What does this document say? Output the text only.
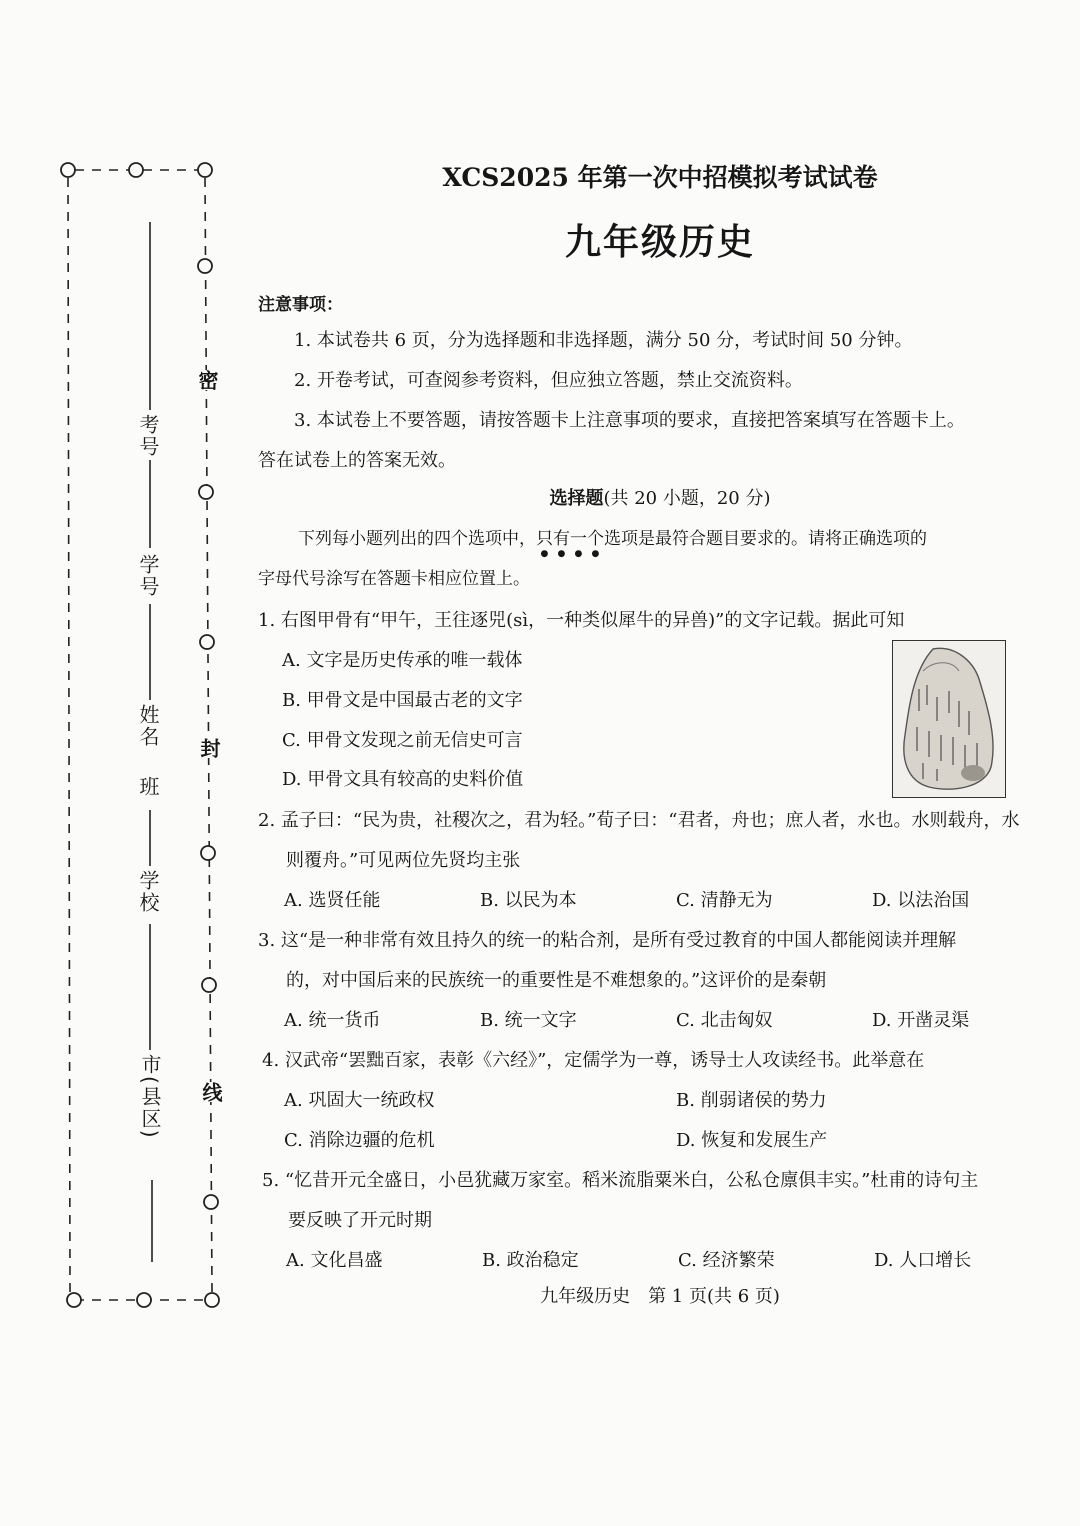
考号
学号
姓名
班
学校
市(县区)
密
封
线
XCS2025 年第一次中招模拟考试试卷
九年级历史
注意事项：
1. 本试卷共 6 页，分为选择题和非选择题，满分 50 分，考试时间 50 分钟。
2. 开卷考试，可查阅参考资料，但应独立答题，禁止交流资料。
3. 本试卷上不要答题，请按答题卡上注意事项的要求，直接把答案填写在答题卡上。
答在试卷上的答案无效。
选择题(共 20 小题，20 分)
下列每小题列出的四个选项中，只有一个选项是最符合题目要求的。请将正确选项的
字母代号涂写在答题卡相应位置上。
1. 右图甲骨有“甲午，王往逐兕(sì，一种类似犀牛的异兽)”的文字记载。据此可知
A. 文字是历史传承的唯一载体
B. 甲骨文是中国最古老的文字
C. 甲骨文发现之前无信史可言
D. 甲骨文具有较高的史料价值
2. 孟子曰：“民为贵，社稷次之，君为轻。”荀子曰：“君者，舟也；庶人者，水也。水则载舟，水
则覆舟。”可见两位先贤均主张
A. 选贤任能	B. 以民为本	C. 清静无为	D. 以法治国
3. 这“是一种非常有效且持久的统一的粘合剂，是所有受过教育的中国人都能阅读并理解
的，对中国后来的民族统一的重要性是不难想象的。”这评价的是秦朝
A. 统一货币	B. 统一文字	C. 北击匈奴	D. 开凿灵渠
4. 汉武帝“罢黜百家，表彰《六经》”，定儒学为一尊，诱导士人攻读经书。此举意在
A. 巩固大一统政权	B. 削弱诸侯的势力
C. 消除边疆的危机	D. 恢复和发展生产
5. “忆昔开元全盛日，小邑犹藏万家室。稻米流脂粟米白，公私仓廪俱丰实。”杜甫的诗句主
要反映了开元时期
A. 文化昌盛	B. 政治稳定	C. 经济繁荣	D. 人口增长
九年级历史　第 1 页(共 6 页)
